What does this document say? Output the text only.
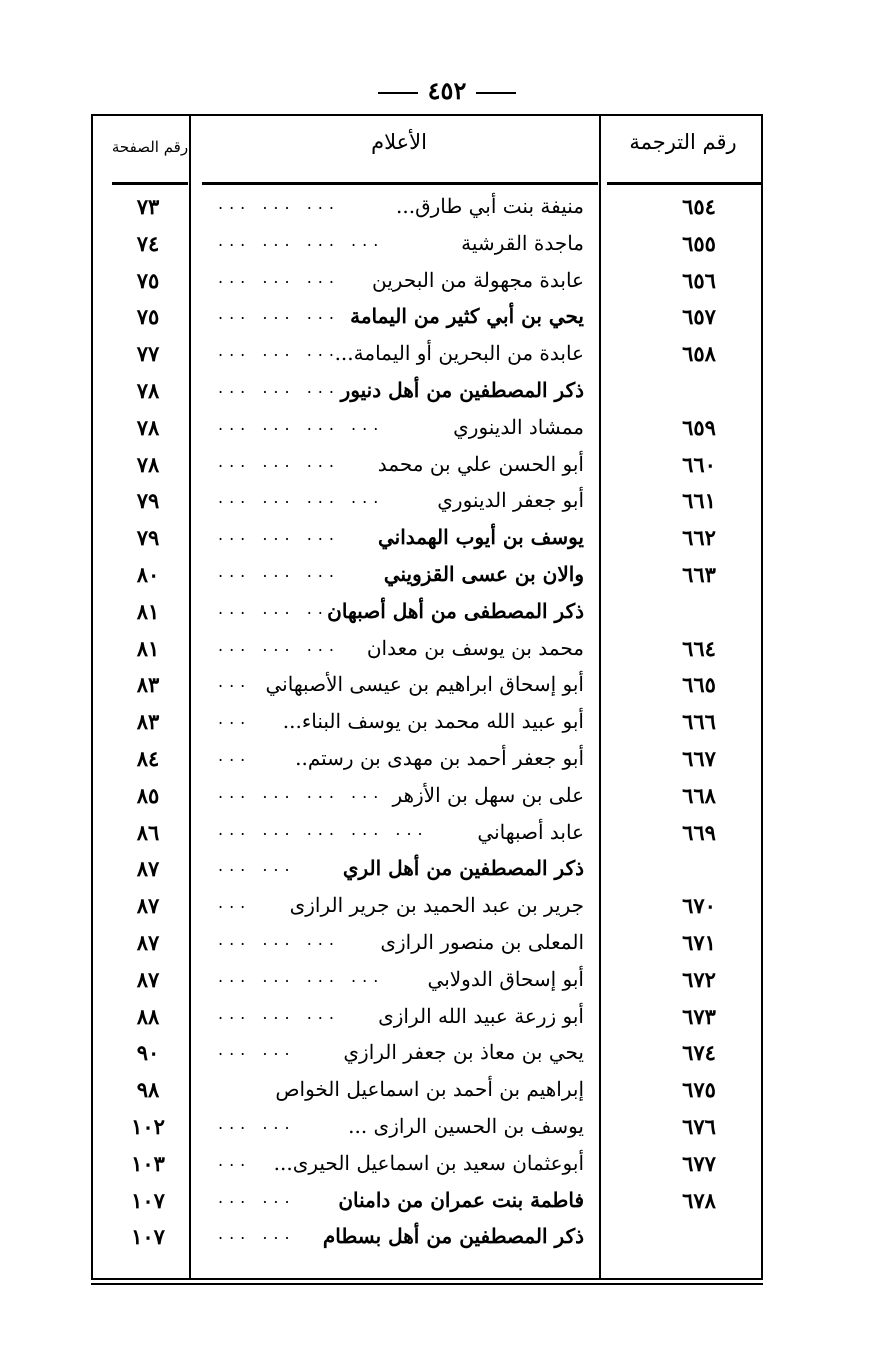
٤٥٢
رقم الترجمة
الأعلام
رقم الصفحة
٦٥٤
منيفة بنت أبي طارق...
... ... ...
٧٣
٦٥٥
ماجدة القرشية
... ... ... ...
٧٤
٦٥٦
عابدة مجهولة من البحرين
... ... ...
٧٥
٦٥٧
يحي بن أبي كثير من اليمامة
... ... ...
٧٥
٦٥٨
عابدة من البحرين أو اليمامة...
... ... ...
٧٧
ذكر المصطفين من أهل دنيور
... ... ...
٧٨
٦٥٩
ممشاد الدينوري
... ... ... ...
٧٨
٦٦٠
أبو الحسن علي بن محمد
... ... ...
٧٨
٦٦١
أبو جعفر الدينوري
... ... ... ...
٧٩
٦٦٢
يوسف بن أيوب الهمداني
... ... ...
٧٩
٦٦٣
والان بن عسى القزويني
... ... ...
٨٠
ذكر المصطفى من أهل أصبهان
... ... ...
٨١
٦٦٤
محمد بن يوسف بن معدان
... ... ...
٨١
٦٦٥
أبو إسحاق ابراهيم بن عيسى الأصبهاني
...
٨٣
٦٦٦
أبو عبيد الله محمد بن يوسف البناء...
...
٨٣
٦٦٧
أبو جعفر أحمد بن مهدى بن رستم..
...
٨٤
٦٦٨
على بن سهل بن الأزهر
... ... ... ...
٨٥
٦٦٩
عابد أصبهاني
... ... ... ... ...
٨٦
ذكر المصطفين من أهل الري
... ...
٨٧
٦٧٠
جرير بن عبد الحميد بن جرير الرازى
...
٨٧
٦٧١
المعلى بن منصور الرازى
... ... ...
٨٧
٦٧٢
أبو إسحاق الدولابي
... ... ... ...
٨٧
٦٧٣
أبو زرعة عبيد الله الرازى
... ... ...
٨٨
٦٧٤
يحي بن معاذ بن جعفر الرازي
... ...
٩٠
٦٧٥
إبراهيم بن أحمد بن اسماعيل الخواص
٩٨
٦٧٦
يوسف بن الحسين الرازى ...
... ...
١٠٢
٦٧٧
أبوعثمان سعيد بن اسماعيل الحيرى...
...
١٠٣
٦٧٨
فاطمة بنت عمران من دامنان
... ...
١٠٧
ذكر المصطفين من أهل بسطام
... ...
١٠٧
